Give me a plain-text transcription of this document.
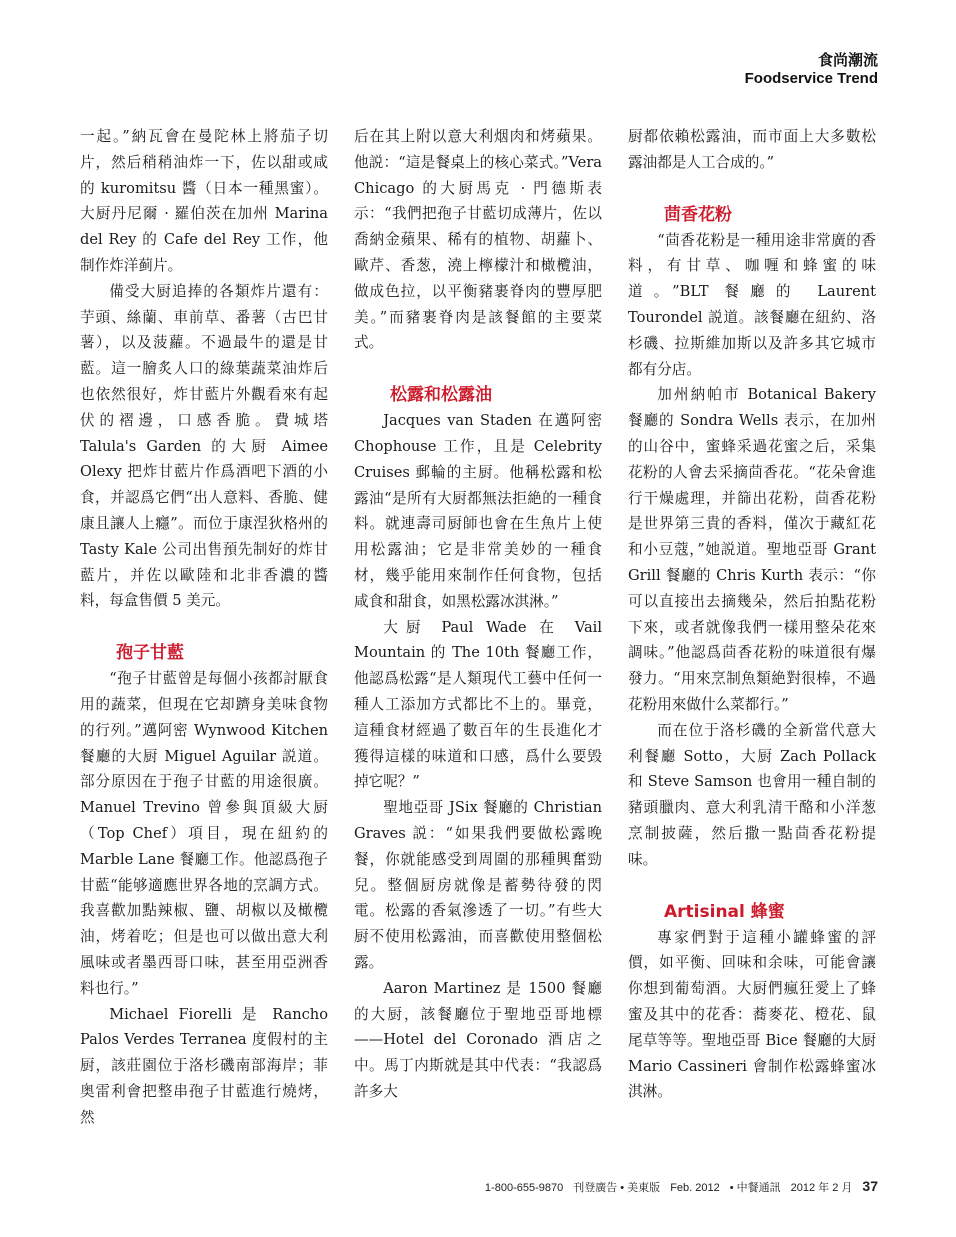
食尚潮流
Foodservice Trend

一起。”納瓦會在曼陀林上將茄子切片，然后稍稍油炸一下，佐以甜或咸的 kuromitsu 醬（日本一種黑蜜）。大厨丹尼爾 · 羅伯茨在加州 Marina del Rey 的 Cafe del Rey 工作，他制作炸洋蓟片。

備受大厨追捧的各類炸片還有：芋頭、絲蘭、車前草、番薯（古巴甘薯），以及菠蘿。不過最牛的還是甘藍。這一膾炙人口的綠葉蔬菜油炸后也依然很好，炸甘藍片外觀看來有起伏的褶邊，口感香脆。費城塔 Talula's Garden 的大厨 Aimee Olexy 把炸甘藍片作爲酒吧下酒的小食，并認爲它們“出人意料、香脆、健康且讓人上癮”。而位于康涅狄格州的 Tasty Kale 公司出售預先制好的炸甘藍片，并佐以歐陸和北非香濃的醬料，每盒售價 5 美元。

孢子甘藍

“孢子甘藍曾是每個小孩都討厭食用的蔬菜，但現在它却躋身美味食物的行列。”邁阿密 Wynwood Kitchen 餐廳的大厨 Miguel Aguilar 説道。部分原因在于孢子甘藍的用途很廣。Manuel Trevino 曾參與頂級大厨（Top Chef）項目，現在紐約的 Marble Lane 餐廳工作。他認爲孢子甘藍“能够適應世界各地的烹調方式。我喜歡加點辣椒、鹽、胡椒以及橄欖油，烤着吃；但是也可以做出意大利風味或者墨西哥口味，甚至用亞洲香料也行。”

Michael Fiorelli 是 Rancho Palos Verdes Terranea 度假村的主厨，該莊園位于洛杉磯南部海岸；菲奥雷利會把整串孢子甘藍進行燒烤，然

后在其上附以意大利烟肉和烤蘋果。他説：“這是餐桌上的核心菜式。”Vera Chicago 的大厨馬克 · 門德斯表示：“我們把孢子甘藍切成薄片，佐以喬納金蘋果、稀有的植物、胡蘿卜、歐芹、香葱，澆上檸檬汁和橄欖油，做成色拉，以平衡豬裹脊肉的豐厚肥美。”而豬裹脊肉是該餐館的主要菜式。

松露和松露油

Jacques van Staden 在邁阿密 Chophouse 工作，且是 Celebrity Cruises 郵輪的主厨。他稱松露和松露油“是所有大厨都無法拒絶的一種食料。就連壽司厨師也會在生魚片上使用松露油；它是非常美妙的一種食材，幾乎能用來制作任何食物，包括咸食和甜食，如黑松露冰淇淋。”

大厨 Paul Wade 在 Vail Mountain 的 The 10th 餐廳工作，他認爲松露“是人類現代工藝中任何一種人工添加方式都比不上的。畢竟，這種食材經過了數百年的生長進化才獲得這樣的味道和口感，爲什么要毁掉它呢？”

聖地亞哥 JSix 餐廳的 Christian Graves 説：“如果我們要做松露晚餐，你就能感受到周圍的那種興奮勁兒。整個厨房就像是蓄勢待發的閃電。松露的香氣滲透了一切。”有些大厨不使用松露油，而喜歡使用整個松露。

Aaron Martinez 是 1500 餐廳的大厨，該餐廳位于聖地亞哥地標——Hotel del Coronado 酒店之中。馬丁内斯就是其中代表：“我認爲許多大

厨都依賴松露油，而市面上大多數松露油都是人工合成的。”

茴香花粉

“茴香花粉是一種用途非常廣的香料，有甘草、咖喱和蜂蜜的味道。”BLT 餐廳的 Laurent Tourondel 説道。該餐廳在紐約、洛杉磯、拉斯維加斯以及許多其它城市都有分店。

加州納帕市 Botanical Bakery 餐廳的 Sondra Wells 表示，在加州的山谷中，蜜蜂采過花蜜之后，采集花粉的人會去采摘茴香花。“花朵會進行干燥處理，并篩出花粉，茴香花粉是世界第三貴的香料，僅次于藏紅花和小豆蔻，”她説道。聖地亞哥 Grant Grill 餐廳的 Chris Kurth 表示：“你可以直接出去摘幾朵，然后拍點花粉下來，或者就像我們一樣用整朵花來調味。”他認爲茴香花粉的味道很有爆發力。“用來烹制魚類絶對很棒，不過花粉用來做什么菜都行。”

而在位于洛杉磯的全新當代意大利餐廳 Sotto，大厨 Zach Pollack 和 Steve Samson 也會用一種自制的豬頭臘肉、意大利乳清干酪和小洋葱烹制披薩，然后撒一點茴香花粉提味。

Artisinal 蜂蜜

專家們對于這種小罐蜂蜜的評價，如平衡、回味和余味，可能會讓你想到葡萄酒。大厨們瘋狂愛上了蜂蜜及其中的花香：蕎麥花、橙花、鼠尾草等等。聖地亞哥 Bice 餐廳的大厨 Mario Cassineri 會制作松露蜂蜜冰淇淋。

1-800-655-9870 刊登廣告 • 美東版 Feb. 2012 • 中餐通訊 2012 年 2 月 37
